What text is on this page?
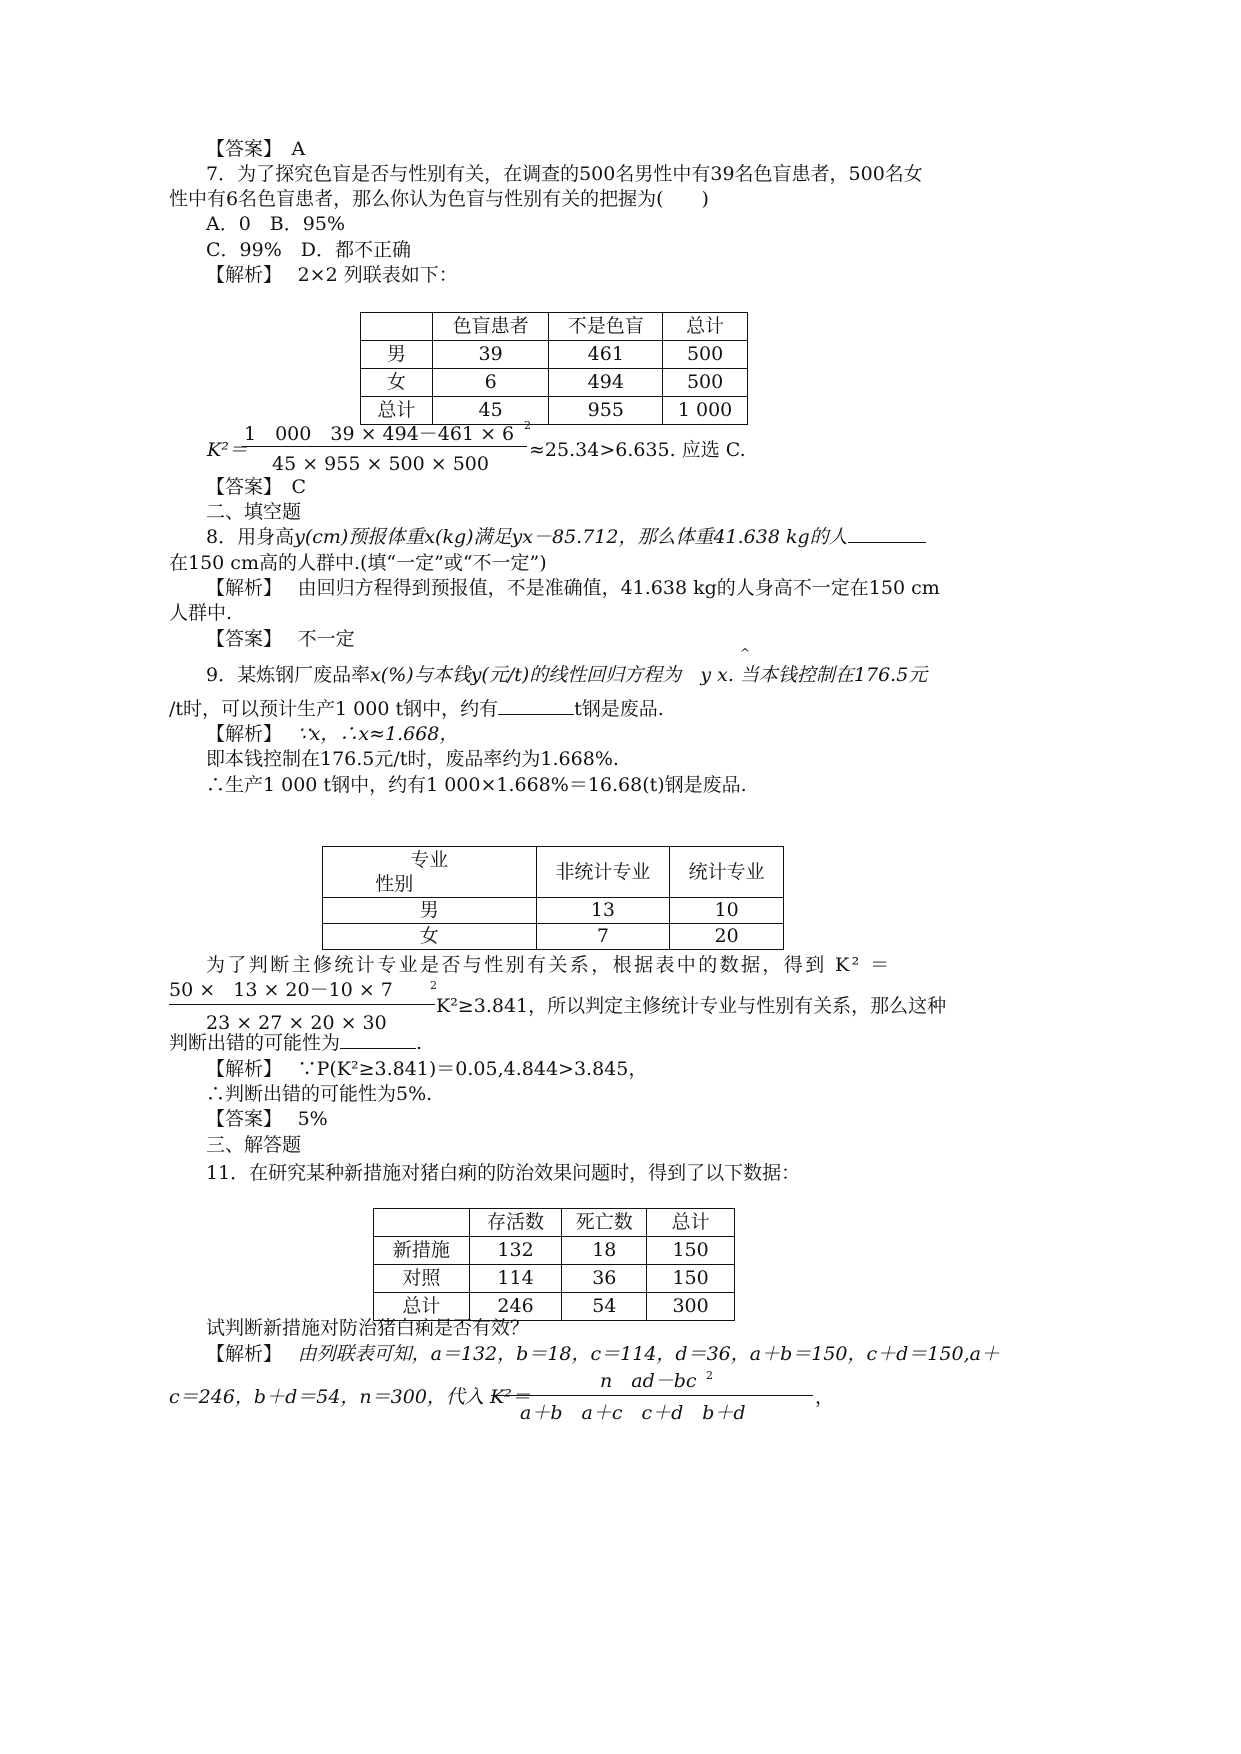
【答案】　 A
7．为了探究色盲是否与性别有关，在调查的500名男性中有39名色盲患者，500名女
性中有6名色盲患者，那么你认为色盲与性别有关的把握为(　　)
A．0　B．95%
C．99%　D．都不正确
【解析】　 2×2 列联表如下：
	色盲患者	不是色盲	总计
男	39	461	500
女	6	494	500
总计	45	955	1 000
K²＝
1　000　39 × 494－461 × 6 2
45 × 955 × 500 × 500
≈25.34>6.635. 应选 C.
【答案】　 C
二、填空题
8．用身高y(cm)预报体重x(kg)满足yx－85.712，那么体重41.638 kg的人
在150 cm高的人群中.(填“一定”或“不一定”)
【解析】　 由回归方程得到预报值，不是准确值，41.638 kg的人身高不一定在150 cm
人群中.
【答案】　 不一定
^
9．某炼钢厂废品率x(%)与本钱y(元/t)的线性回归方程为　 y x. 当本钱控制在176.5元
/t时，可以预计生产1 000 t钢中，约有	t钢是废品.
【解析】　 ∵x，∴x≈1.668，
即本钱控制在176.5元/t时，废品率约为1.668%.
∴生产1 000 t钢中，约有1 000×1.668%＝16.68(t)钢是废品.
专业
性别	非统计专业	统计专业
男	13	10
女	7	20
为了判断主修统计专业是否与性别有关系，根据表中的数据，得到 K² ＝
50 ×   13 × 20－10 × 7	2
23 × 27 × 20 × 30
K²≥3.841，所以判定主修统计专业与性别有关系，那么这种
判断出错的可能性为	.
【解析】　 ∵P(K²≥3.841)＝0.05,4.844>3.845，
∴判断出错的可能性为5%.
【答案】　 5%
三、解答题
11．在研究某种新措施对猪白痢的防治效果问题时，得到了以下数据：
	存活数	死亡数	总计
新措施	132	18	150
对照	114	36	150
总计	246	54	300
试判断新措施对防治猪白痢是否有效？
【解析】　 由列联表可知，a＝132，b＝18，c＝114，d＝36，a＋b＝150，c＋d＝150,a＋
c＝246，b＋d＝54，n＝300，代入 K²＝
n　ad－bc 2
a＋b　a＋c　c＋d　b＋d
，
